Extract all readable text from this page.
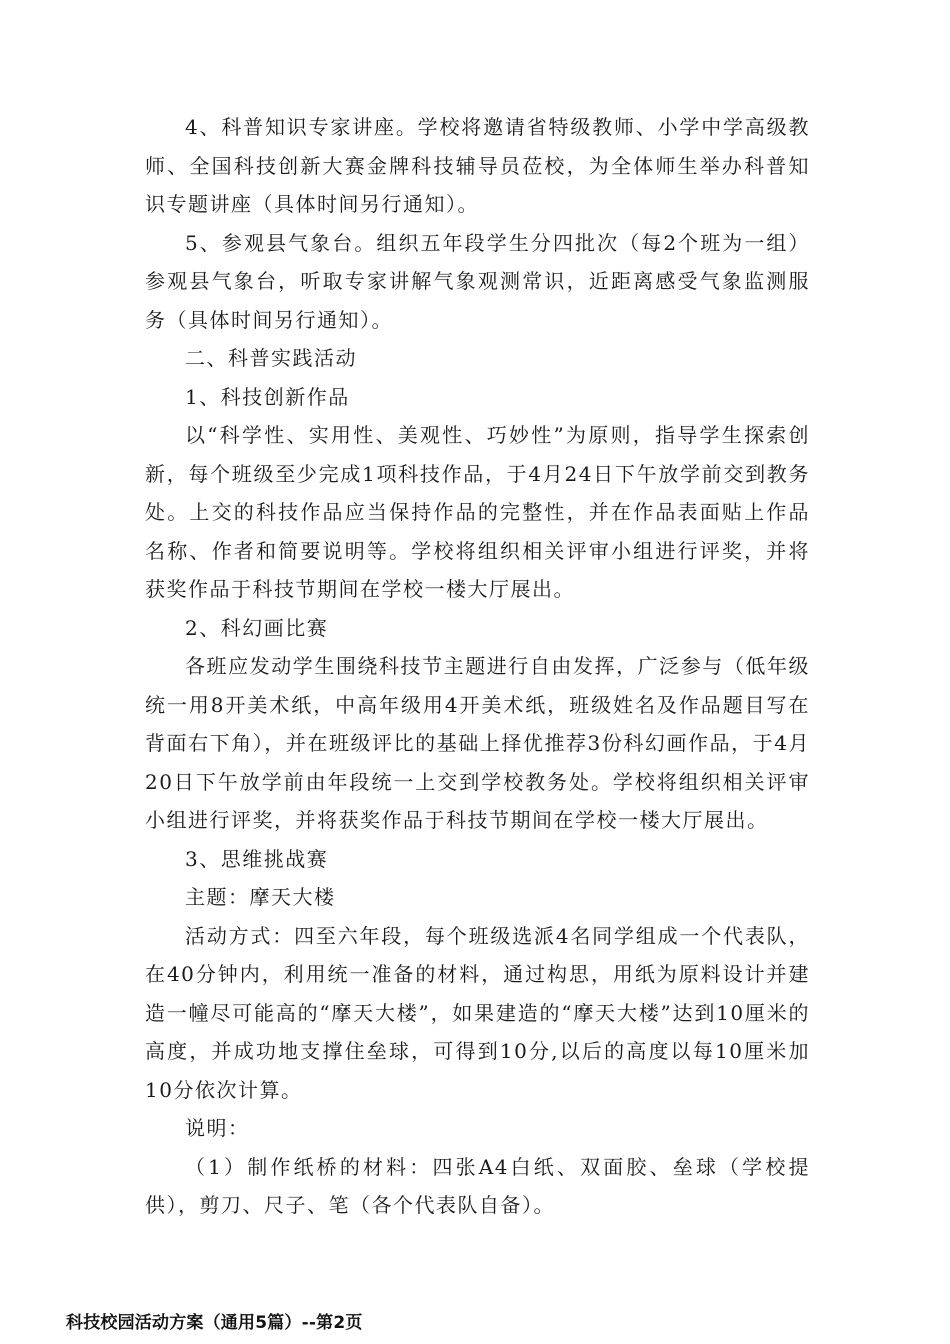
4、科普知识专家讲座。学校将邀请省特级教师、小学中学高级教师、全国科技创新大赛金牌科技辅导员莅校，为全体师生举办科普知识专题讲座（具体时间另行通知）。

5、参观县气象台。组织五年段学生分四批次（每2个班为一组）参观县气象台，听取专家讲解气象观测常识，近距离感受气象监测服务（具体时间另行通知）。

二、科普实践活动

1、科技创新作品

以“科学性、实用性、美观性、巧妙性”为原则，指导学生探索创新，每个班级至少完成1项科技作品，于4月24日下午放学前交到教务处。上交的科技作品应当保持作品的完整性，并在作品表面贴上作品名称、作者和简要说明等。学校将组织相关评审小组进行评奖，并将获奖作品于科技节期间在学校一楼大厅展出。

2、科幻画比赛

各班应发动学生围绕科技节主题进行自由发挥，广泛参与（低年级统一用8开美术纸，中高年级用4开美术纸，班级姓名及作品题目写在背面右下角），并在班级评比的基础上择优推荐3份科幻画作品，于4月20日下午放学前由年段统一上交到学校教务处。学校将组织相关评审小组进行评奖，并将获奖作品于科技节期间在学校一楼大厅展出。

3、思维挑战赛

主题：摩天大楼

活动方式：四至六年段，每个班级选派4名同学组成一个代表队，在40分钟内，利用统一准备的材料，通过构思，用纸为原料设计并建造一幢尽可能高的“摩天大楼”，如果建造的“摩天大楼”达到10厘米的高度，并成功地支撑住垒球，可得到10分,以后的高度以每10厘米加10分依次计算。

说明：

（1）制作纸桥的材料：四张A4白纸、双面胶、垒球（学校提供），剪刀、尺子、笔（各个代表队自备）。

科技校园活动方案（通用5篇）--第2页
